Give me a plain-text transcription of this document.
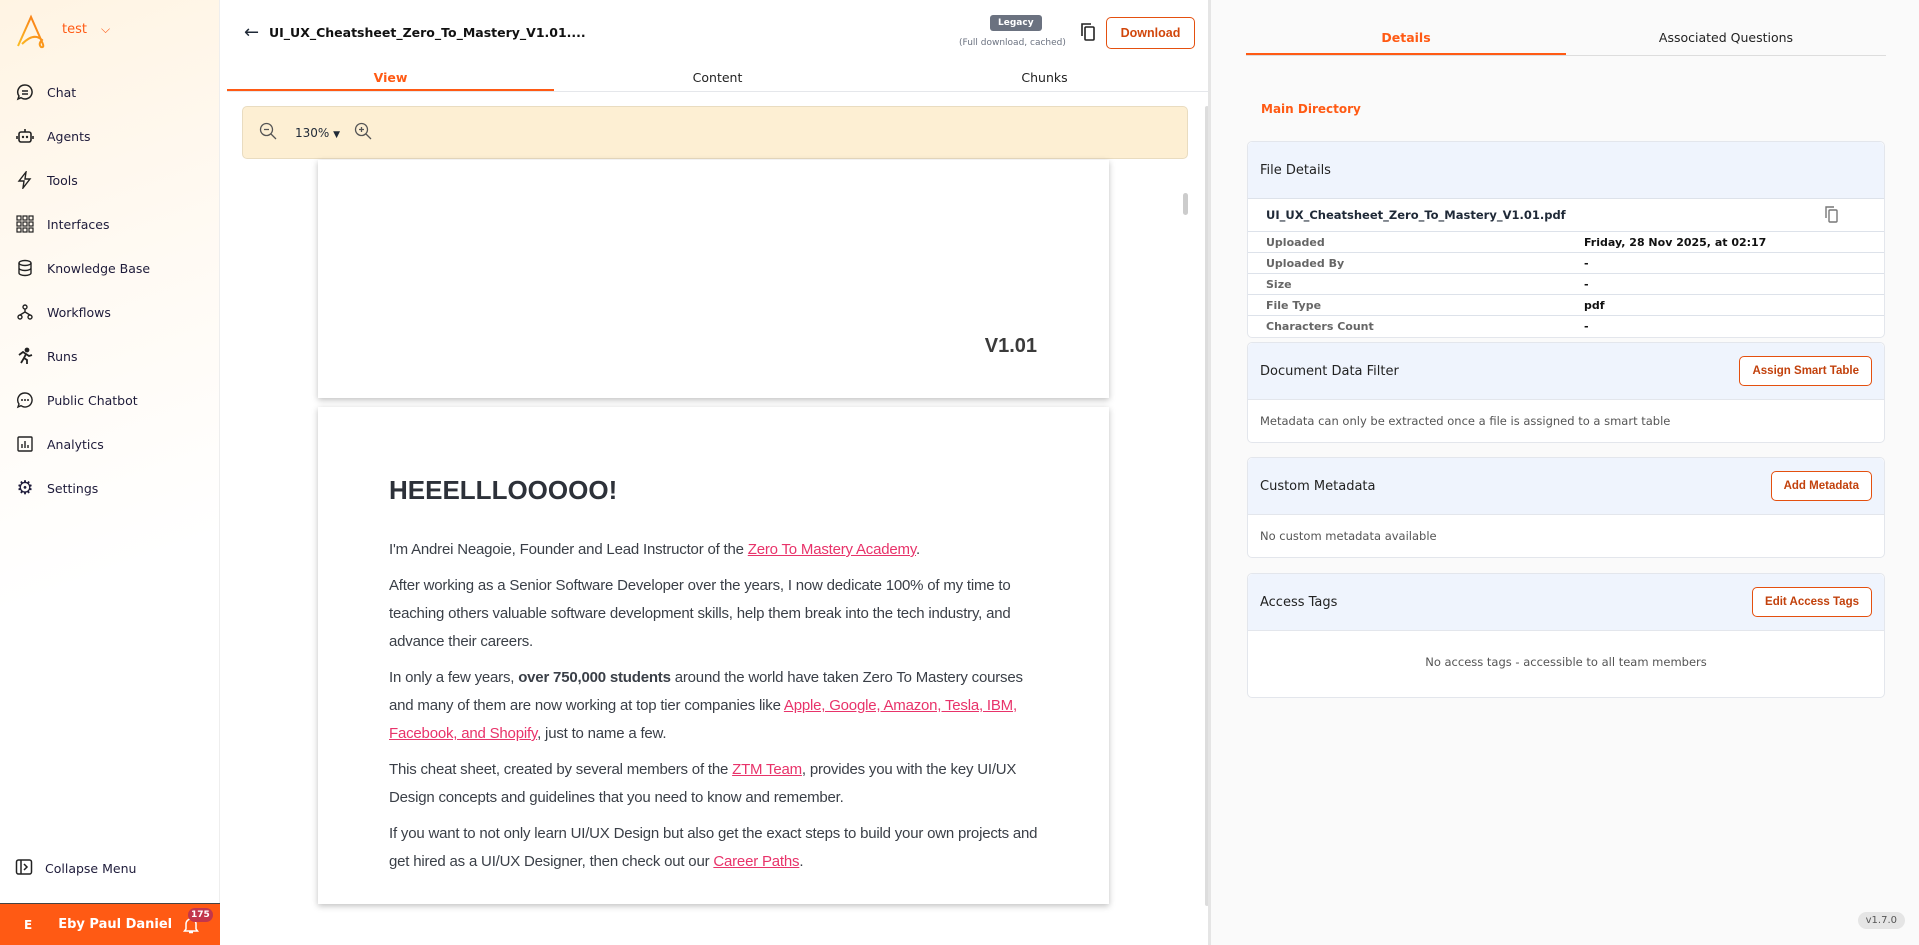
test ⌵
Chat
Agents
Tools
Interfaces
Knowledge Base
Workflows
Runs
Public Chatbot
Analytics
⚙ Settings
Collapse Menu
E Eby Paul Daniel
175
← UI_UX_Cheatsheet_Zero_To_Mastery_V1.01....
Legacy
(Full download, cached)
Download
View	Content	Chunks
130% ▼
V1.01
HEEELLLOOOOO!

I'm Andrei Neagoie, Founder and Lead Instructor of the Zero To Mastery Academy.

After working as a Senior Software Developer over the years, I now dedicate 100% of my time to teaching others valuable software development skills, help them break into the tech industry, and advance their careers.

In only a few years, over 750,000 students around the world have taken Zero To Mastery courses and many of them are now working at top tier companies like Apple, Google, Amazon, Tesla, IBM, Facebook, and Shopify, just to name a few.

This cheat sheet, created by several members of the ZTM Team, provides you with the key UI/UX Design concepts and guidelines that you need to know and remember.

If you want to not only learn UI/UX Design but also get the exact steps to build your own projects and get hired as a UI/UX Designer, then check out our Career Paths.

Details	Associated Questions
Main Directory
File Details
UI_UX_Cheatsheet_Zero_To_Mastery_V1.01.pdf
Uploaded	Friday, 28 Nov 2025, at 02:17
Uploaded By	-
Size	-
File Type	pdf
Characters Count	-
Document Data Filter	Assign Smart Table
Metadata can only be extracted once a file is assigned to a smart table
Custom Metadata	Add Metadata
No custom metadata available
Access Tags	Edit Access Tags
No access tags - accessible to all team members
v1.7.0
